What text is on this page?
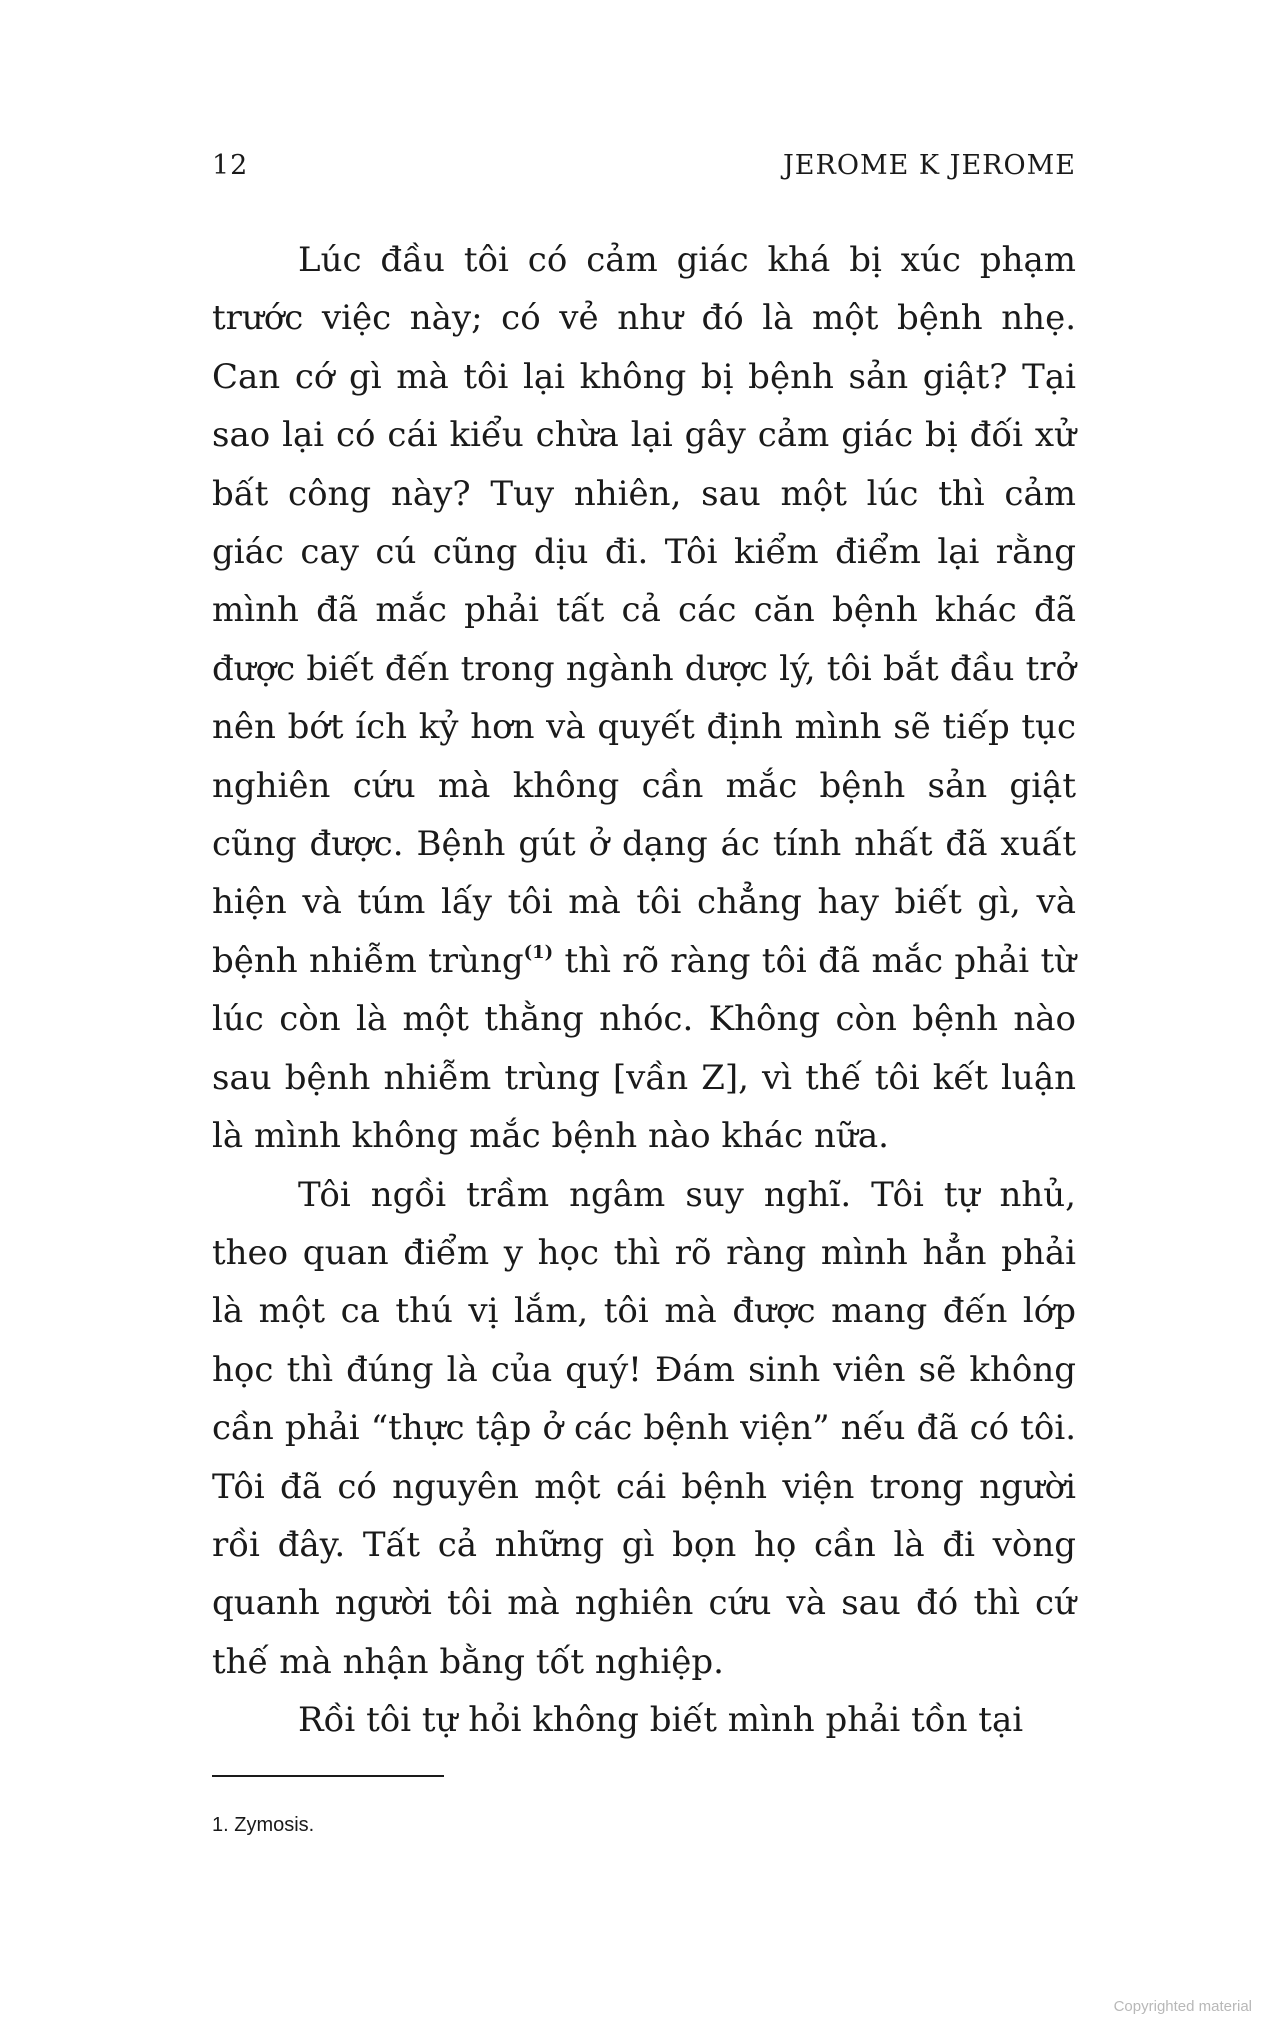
12	JEROME K JEROME

Lúc đầu tôi có cảm giác khá bị xúc phạm trước việc này; có vẻ như đó là một bệnh nhẹ. Can cớ gì mà tôi lại không bị bệnh sản giật? Tại sao lại có cái kiểu chừa lại gây cảm giác bị đối xử bất công này? Tuy nhiên, sau một lúc thì cảm giác cay cú cũng dịu đi. Tôi kiểm điểm lại rằng mình đã mắc phải tất cả các căn bệnh khác đã được biết đến trong ngành dược lý, tôi bắt đầu trở nên bớt ích kỷ hơn và quyết định mình sẽ tiếp tục nghiên cứu mà không cần mắc bệnh sản giật cũng được. Bệnh gút ở dạng ác tính nhất đã xuất hiện và túm lấy tôi mà tôi chẳng hay biết gì, và bệnh nhiễm trùng$^{(1)}$ thì rõ ràng tôi đã mắc phải từ lúc còn là một thằng nhóc. Không còn bệnh nào sau bệnh nhiễm trùng [vần Z], vì thế tôi kết luận là mình không mắc bệnh nào khác nữa.

Tôi ngồi trầm ngâm suy nghĩ. Tôi tự nhủ, theo quan điểm y học thì rõ ràng mình hẳn phải là một ca thú vị lắm, tôi mà được mang đến lớp học thì đúng là của quý! Đám sinh viên sẽ không cần phải “thực tập ở các bệnh viện” nếu đã có tôi. Tôi đã có nguyên một cái bệnh viện trong người rồi đây. Tất cả những gì bọn họ cần là đi vòng quanh người tôi mà nghiên cứu và sau đó thì cứ thế mà nhận bằng tốt nghiệp.

Rồi tôi tự hỏi không biết mình phải tồn tại

1. Zymosis.
Copyrighted material
